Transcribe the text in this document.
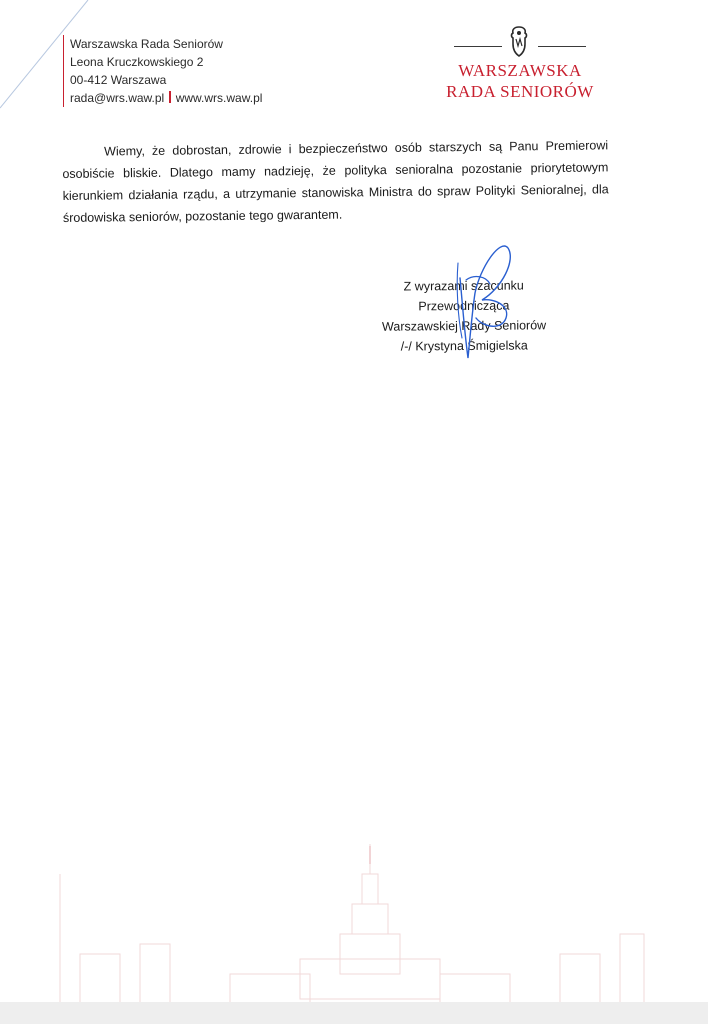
Warszawska Rada Seniorów
Leona Kruczkowskiego 2
00-412 Warszawa
rada@wrs.waw.pl www.wrs.waw.pl
WARSZAWSKA
RADA SENIORÓW
Wiemy, że dobrostan, zdrowie i bezpieczeństwo osób starszych są Panu Premierowi osobiście bliskie. Dlatego mamy nadzieję, że polityka senioralna pozostanie priorytetowym kierunkiem działania rządu, a utrzymanie stanowiska Ministra do spraw Polityki Senioralnej, dla środowiska seniorów, pozostanie tego gwarantem.
Z wyrazami szacunku
Przewodnicząca
Warszawskiej Rady Seniorów
/-/ Krystyna Śmigielska
